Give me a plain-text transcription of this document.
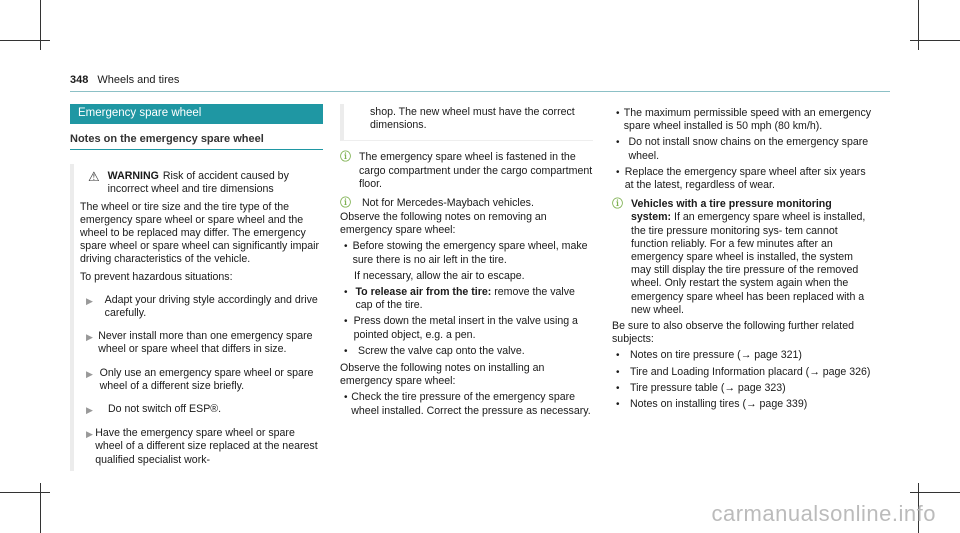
348 Wheels and tires
Emergency spare wheel
Notes on the emergency spare wheel
⚠ WARNING Risk of accident caused by incorrect wheel and tire dimensions

The wheel or tire size and the tire type of the emergency spare wheel or spare wheel and the wheel to be replaced may differ. The emergency spare wheel or spare wheel can significantly impair driving characteristics of the vehicle.

To prevent hazardous situations:

▶	Adapt your driving style accordingly and drive carefully.
▶ Never install more than one emergency spare wheel or spare wheel that differs in size.
▶ Only use an emergency spare wheel or spare wheel of a different size briefly.
▶	Do not switch off ESP®.
▶ Have the emergency spare wheel or spare wheel of a different size replaced at the nearest qualified specialist work-

shop. The new wheel must have the correct dimensions.

ⓘ The emergency spare wheel is fastened in the cargo compartment under the cargo compartment floor.
ⓘ	Not for Mercedes-Maybach vehicles.

Observe the following notes on removing an emergency spare wheel:

• Before stowing the emergency spare wheel, make sure there is no air left in the tire.

If necessary, allow the air to escape.

• To release air from the tire: remove the valve cap of the tire.
• Press down the metal insert in the valve using a pointed object, e.g. a pen.
• Screw the valve cap onto the valve.

Observe the following notes on installing an emergency spare wheel:

• Check the tire pressure of the emergency spare wheel installed. Correct the pressure as necessary.
• The maximum permissible speed with an emergency spare wheel installed is 50 mph (80 km/h).
• Do not install snow chains on the emergency spare wheel.
• Replace the emergency spare wheel after six years at the latest, regardless of wear.
ⓘ Vehicles with a tire pressure monitoring system: If an emergency spare wheel is installed, the tire pressure monitoring sys- tem cannot function reliably. For a few minutes after an emergency spare wheel is installed, the system may still display the tire pressure of the removed wheel. Only restart the system again when the emergency spare wheel has been replaced with a new wheel.

Be sure to also observe the following further related subjects:

• Notes on tire pressure (→ page 321)
• Tire and Loading Information placard (→ page 326)
• Tire pressure table (→ page 323)
• Notes on installing tires (→ page 339)
carmanualsonline.info
